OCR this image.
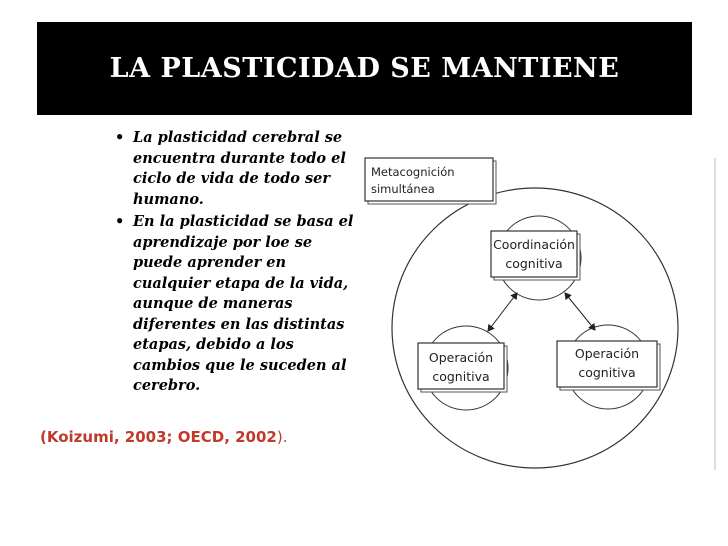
LA PLASTICIDAD SE MANTIENE
• La plasticidad cerebral se encuentra durante todo el ciclo de vida de todo ser humano.
• En la plasticidad se basa el aprendizaje por loe se puede aprender en cualquier etapa de la vida, aunque de maneras diferentes en las distintas etapas, debido a los cambios que le suceden al cerebro.
(Koizumi, 2003; OECD, 2002).
Metacognición
simultánea
Coordinación
cognitiva
Operación
cognitiva
Operación
cognitiva
